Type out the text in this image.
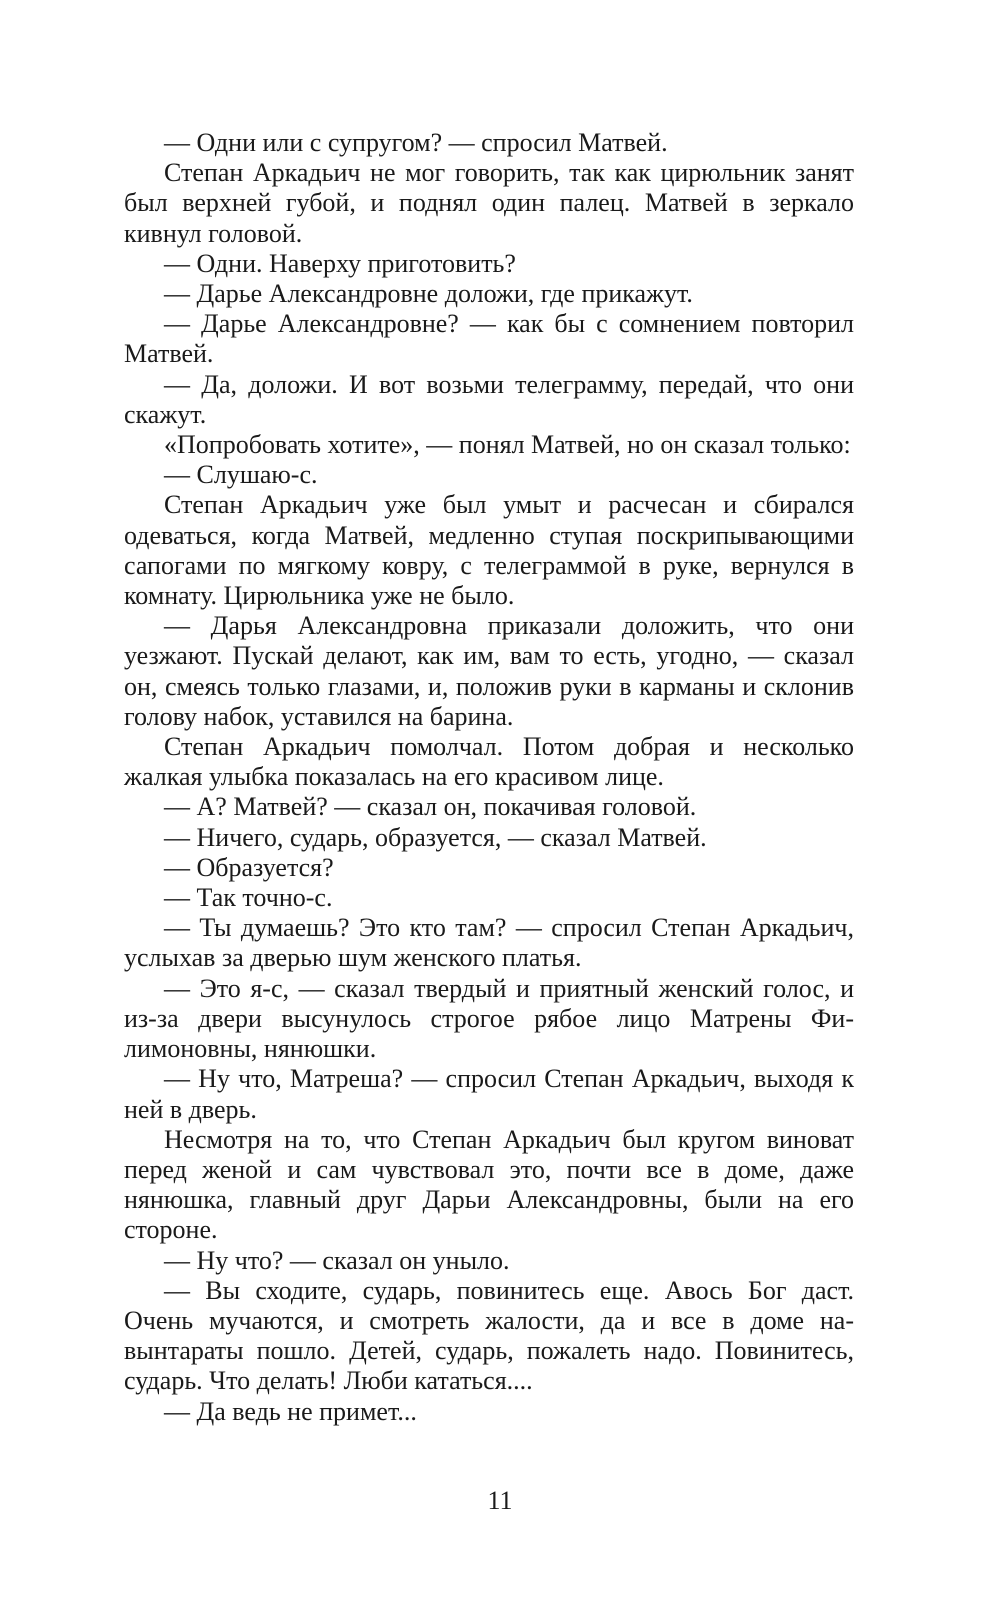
— Одни или с супругом? — спросил Матвей.

Степан Аркадьич не мог говорить, так как цирюльник занят был верхней губой, и поднял один палец. Матвей в зеркало кивнул головой.

— Одни. Наверху приготовить?

— Дарье Александровне доложи, где прикажут.

— Дарье Александровне? — как бы с сомнением повторил Матвей.

— Да, доложи. И вот возьми телеграмму, передай, что они скажут.

«Попробовать хотите», — понял Матвей, но он сказал только:

— Слушаю-с.

Степан Аркадьич уже был умыт и расчесан и сбирался одеваться, когда Матвей, медленно ступая поскрипывающими сапогами по мягкому ковру, с телеграммой в руке, вернулся в комнату. Цирюльника уже не было.

— Дарья Александровна приказали доложить, что они уезжают. Пускай делают, как им, вам то есть, угодно, — сказал он, смеясь только глазами, и, положив руки в карманы и склонив голову набок, уставился на барина.

Степан Аркадьич помолчал. Потом добрая и несколько жалкая улыбка показалась на его красивом лице.

— А? Матвей? — сказал он, покачивая головой.

— Ничего, сударь, образуется, — сказал Матвей.

— Образуется?

— Так точно-с.

— Ты думаешь? Это кто там? — спросил Степан Аркадьич, услыхав за дверью шум женского платья.

— Это я-с, — сказал твердый и приятный женский голос, и из-за двери высунулось строгое рябое лицо Матрены Филимоновны, нянюшки.

— Ну что, Матреша? — спросил Степан Аркадьич, выходя к ней в дверь.

Несмотря на то, что Степан Аркадьич был кругом виноват перед женой и сам чувствовал это, почти все в доме, даже нянюшка, главный друг Дарьи Александровны, были на его стороне.

— Ну что? — сказал он уныло.

— Вы сходите, сударь, повинитесь еще. Авось Бог даст. Очень мучаются, и смотреть жалости, да и все в доме навынтараты пошло. Детей, сударь, пожалеть надо. Повинитесь, сударь. Что делать! Люби кататься....

— Да ведь не примет...

11
